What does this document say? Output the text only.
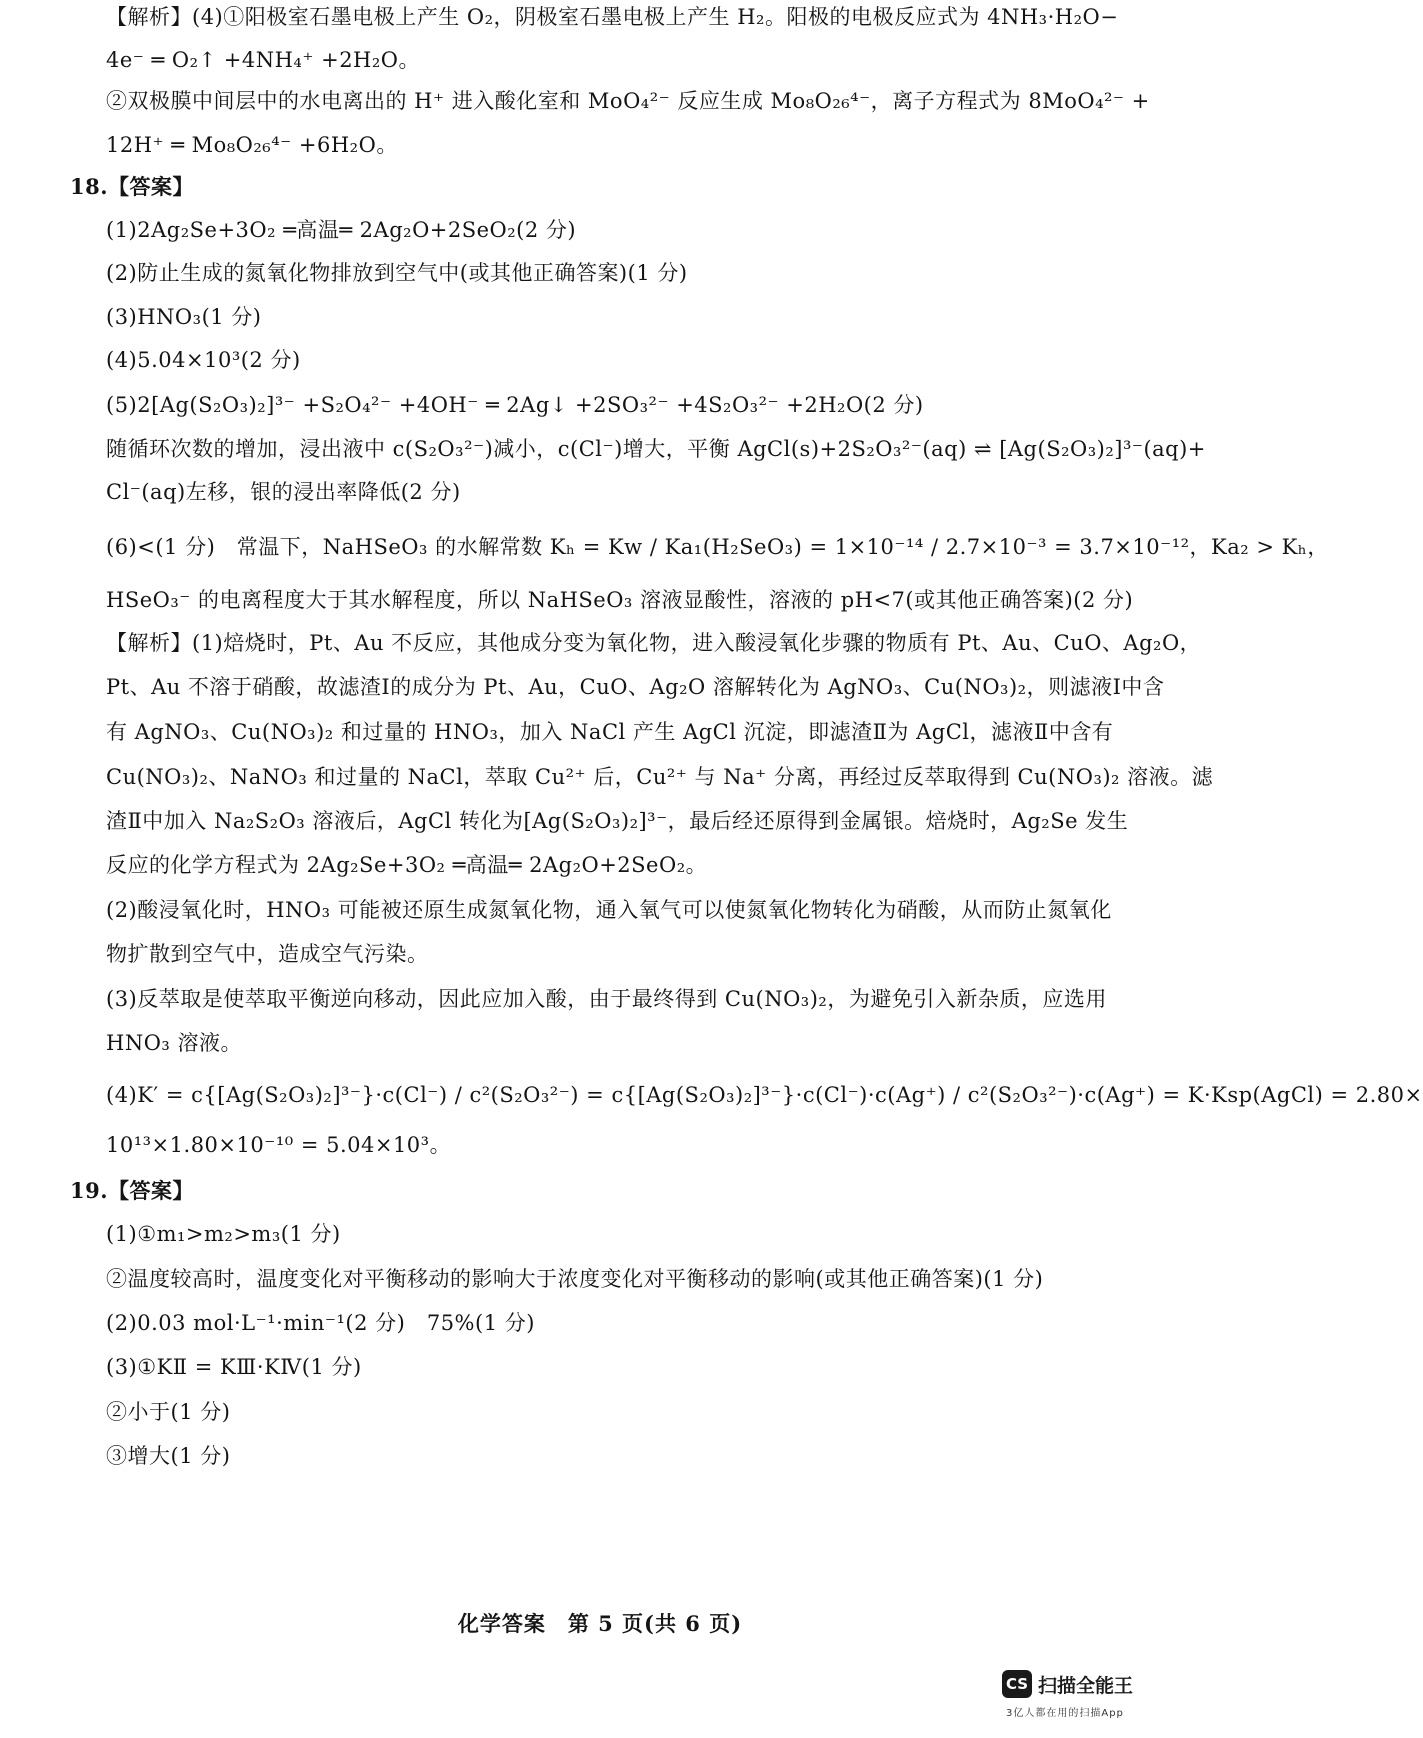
【解析】(4)①阳极室石墨电极上产生 O₂，阴极室石墨电极上产生 H₂。阳极的电极反应式为 4NH₃·H₂O−
4e⁻ ═ O₂↑ +4NH₄⁺ +2H₂O。
②双极膜中间层中的水电离出的 H⁺ 进入酸化室和 MoO₄²⁻ 反应生成 Mo₈O₂₆⁴⁻，离子方程式为 8MoO₄²⁻ +
12H⁺ ═ Mo₈O₂₆⁴⁻ +6H₂O。
18.【答案】
(1)2Ag₂Se+3O₂ ═高温═ 2Ag₂O+2SeO₂(2 分)
(2)防止生成的氮氧化物排放到空气中(或其他正确答案)(1 分)
(3)HNO₃(1 分)
(4)5.04×10³(2 分)
(5)2[Ag(S₂O₃)₂]³⁻ +S₂O₄²⁻ +4OH⁻ ═ 2Ag↓ +2SO₃²⁻ +4S₂O₃²⁻ +2H₂O(2 分)
随循环次数的增加，浸出液中 c(S₂O₃²⁻)减小，c(Cl⁻)增大，平衡 AgCl(s)+2S₂O₃²⁻(aq) ⇌ [Ag(S₂O₃)₂]³⁻(aq)+
Cl⁻(aq)左移，银的浸出率降低(2 分)
(6)<(1 分)　常温下，NaHSeO₃ 的水解常数 Kₕ = Kw / Ka₁(H₂SeO₃) = 1×10⁻¹⁴ / 2.7×10⁻³ = 3.7×10⁻¹²，Ka₂ > Kₕ，
HSeO₃⁻ 的电离程度大于其水解程度，所以 NaHSeO₃ 溶液显酸性，溶液的 pH<7(或其他正确答案)(2 分)
【解析】(1)焙烧时，Pt、Au 不反应，其他成分变为氧化物，进入酸浸氧化步骤的物质有 Pt、Au、CuO、Ag₂O，
Pt、Au 不溶于硝酸，故滤渣Ⅰ的成分为 Pt、Au，CuO、Ag₂O 溶解转化为 AgNO₃、Cu(NO₃)₂，则滤液Ⅰ中含
有 AgNO₃、Cu(NO₃)₂ 和过量的 HNO₃，加入 NaCl 产生 AgCl 沉淀，即滤渣Ⅱ为 AgCl，滤液Ⅱ中含有
Cu(NO₃)₂、NaNO₃ 和过量的 NaCl，萃取 Cu²⁺ 后，Cu²⁺ 与 Na⁺ 分离，再经过反萃取得到 Cu(NO₃)₂ 溶液。滤
渣Ⅱ中加入 Na₂S₂O₃ 溶液后，AgCl 转化为[Ag(S₂O₃)₂]³⁻，最后经还原得到金属银。焙烧时，Ag₂Se 发生
反应的化学方程式为 2Ag₂Se+3O₂ ═高温═ 2Ag₂O+2SeO₂。
(2)酸浸氧化时，HNO₃ 可能被还原生成氮氧化物，通入氧气可以使氮氧化物转化为硝酸，从而防止氮氧化
物扩散到空气中，造成空气污染。
(3)反萃取是使萃取平衡逆向移动，因此应加入酸，由于最终得到 Cu(NO₃)₂，为避免引入新杂质，应选用
HNO₃ 溶液。
(4)K′ = c{[Ag(S₂O₃)₂]³⁻}·c(Cl⁻) / c²(S₂O₃²⁻) = c{[Ag(S₂O₃)₂]³⁻}·c(Cl⁻)·c(Ag⁺) / c²(S₂O₃²⁻)·c(Ag⁺) = K·Ksp(AgCl) = 2.80×
10¹³×1.80×10⁻¹⁰ = 5.04×10³。
19.【答案】
(1)①m₁>m₂>m₃(1 分)
②温度较高时，温度变化对平衡移动的影响大于浓度变化对平衡移动的影响(或其他正确答案)(1 分)
(2)0.03 mol·L⁻¹·min⁻¹(2 分)　75%(1 分)
(3)①KⅡ = KⅢ·KⅣ(1 分)
②小于(1 分)
③增大(1 分)
化学答案　第 5 页(共 6 页)
CS 扫描全能王
3亿人都在用的扫描App
